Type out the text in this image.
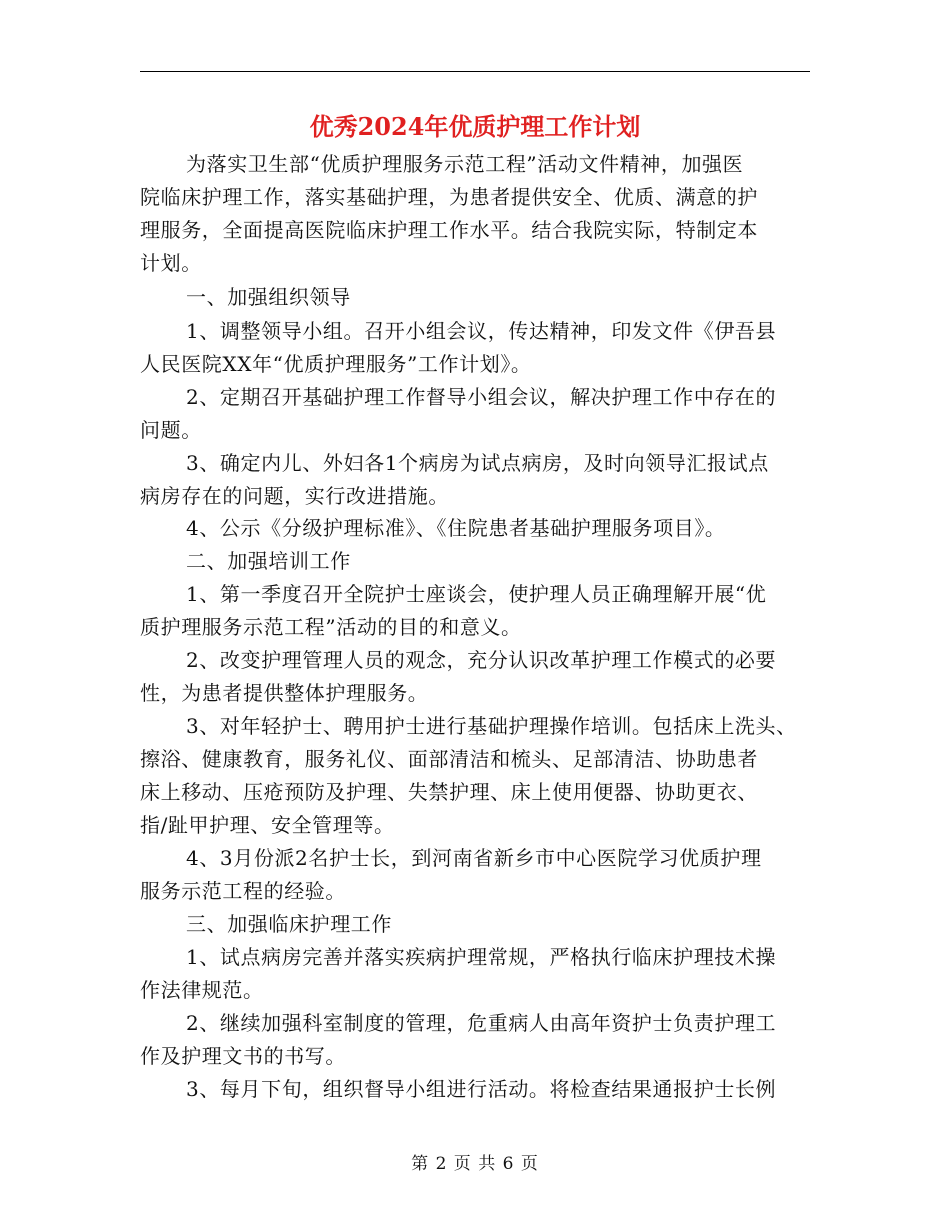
优秀2024年优质护理工作计划
为落实卫生部“优质护理服务示范工程”活动文件精神，加强医
院临床护理工作，落实基础护理，为患者提供安全、优质、满意的护
理服务，全面提高医院临床护理工作水平。结合我院实际，特制定本
计划。
一、加强组织领导
1、调整领导小组。召开小组会议，传达精神，印发文件《伊吾县
人民医院XX年“优质护理服务”工作计划》。
2、定期召开基础护理工作督导小组会议，解决护理工作中存在的
问题。
3、确定内儿、外妇各1个病房为试点病房，及时向领导汇报试点
病房存在的问题，实行改进措施。
4、公示《分级护理标准》、《住院患者基础护理服务项目》。
二、加强培训工作
1、第一季度召开全院护士座谈会，使护理人员正确理解开展“优
质护理服务示范工程”活动的目的和意义。
2、改变护理管理人员的观念，充分认识改革护理工作模式的必要
性，为患者提供整体护理服务。
3、对年轻护士、聘用护士进行基础护理操作培训。包括床上洗头、
擦浴、健康教育，服务礼仪、面部清洁和梳头、足部清洁、协助患者
床上移动、压疮预防及护理、失禁护理、床上使用便器、协助更衣、
指/趾甲护理、安全管理等。
4、3月份派2名护士长，到河南省新乡市中心医院学习优质护理
服务示范工程的经验。
三、加强临床护理工作
1、试点病房完善并落实疾病护理常规，严格执行临床护理技术操
作法律规范。
2、继续加强科室制度的管理，危重病人由高年资护士负责护理工
作及护理文书的书写。
3、每月下旬，组织督导小组进行活动。将检查结果通报护士长例
第 2 页 共 6 页
